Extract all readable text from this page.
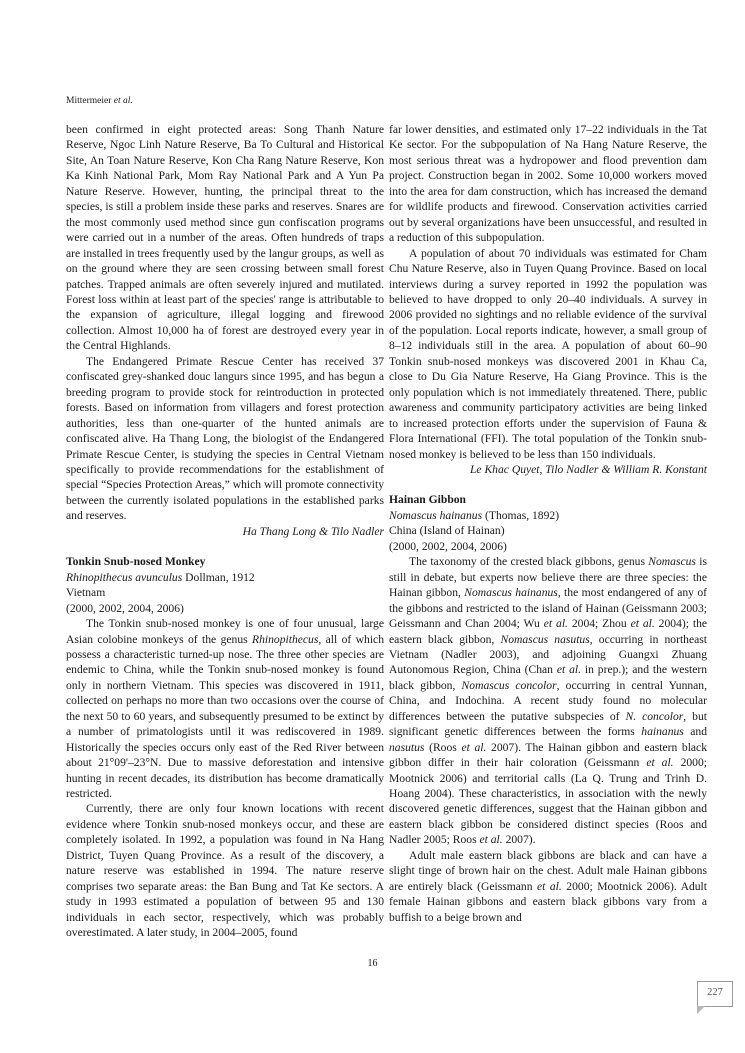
Mittermeier et al.

been confirmed in eight protected areas: Song Thanh Nature Reserve, Ngoc Linh Nature Reserve, Ba To Cultural and Historical Site, An Toan Nature Reserve, Kon Cha Rang Nature Reserve, Kon Ka Kinh National Park, Mom Ray National Park and A Yun Pa Nature Reserve. However, hunting, the principal threat to the species, is still a problem inside these parks and reserves. Snares are the most commonly used method since gun confiscation programs were carried out in a number of the areas. Often hundreds of traps are installed in trees frequently used by the langur groups, as well as on the ground where they are seen crossing between small forest patches. Trapped animals are often severely injured and mutilated. Forest loss within at least part of the species' range is attributable to the expansion of agriculture, illegal logging and firewood collection. Almost 10,000 ha of forest are destroyed every year in the Central Highlands.

The Endangered Primate Rescue Center has received 37 confiscated grey-shanked douc langurs since 1995, and has begun a breeding program to provide stock for reintroduction in protected forests. Based on information from villagers and forest protection authorities, less than one-quarter of the hunted animals are confiscated alive. Ha Thang Long, the biologist of the Endangered Primate Rescue Center, is studying the species in Central Vietnam specifically to provide recommendations for the establishment of special “Species Protection Areas,” which will promote connectivity between the currently isolated populations in the established parks and reserves.

Ha Thang Long & Tilo Nadler

Tonkin Snub-nosed Monkey

Rhinopithecus avunculus Dollman, 1912

Vietnam

(2000, 2002, 2004, 2006)

The Tonkin snub-nosed monkey is one of four unusual, large Asian colobine monkeys of the genus Rhinopithecus, all of which possess a characteristic turned-up nose. The three other species are endemic to China, while the Tonkin snub-nosed monkey is found only in northern Vietnam. This species was discovered in 1911, collected on perhaps no more than two occasions over the course of the next 50 to 60 years, and subsequently presumed to be extinct by a number of primatologists until it was rediscovered in 1989. Historically the species occurs only east of the Red River between about 21°09'–23°N. Due to massive deforestation and intensive hunting in recent decades, its distribution has become dramatically restricted.

Currently, there are only four known locations with recent evidence where Tonkin snub-nosed monkeys occur, and these are completely isolated. In 1992, a population was found in Na Hang District, Tuyen Quang Province. As a result of the discovery, a nature reserve was established in 1994. The nature reserve comprises two separate areas: the Ban Bung and Tat Ke sectors. A study in 1993 estimated a population of between 95 and 130 individuals in each sector, respectively, which was probably overestimated. A later study, in 2004–2005, found

far lower densities, and estimated only 17–22 individuals in the Tat Ke sector. For the subpopulation of Na Hang Nature Reserve, the most serious threat was a hydropower and flood prevention dam project. Construction began in 2002. Some 10,000 workers moved into the area for dam construction, which has increased the demand for wildlife products and firewood. Conservation activities carried out by several organizations have been unsuccessful, and resulted in a reduction of this subpopulation.

A population of about 70 individuals was estimated for Cham Chu Nature Reserve, also in Tuyen Quang Province. Based on local interviews during a survey reported in 1992 the population was believed to have dropped to only 20–40 individuals. A survey in 2006 provided no sightings and no reliable evidence of the survival of the population. Local reports indicate, however, a small group of 8–12 individuals still in the area. A population of about 60–90 Tonkin snub-nosed monkeys was discovered 2001 in Khau Ca, close to Du Gia Nature Reserve, Ha Giang Province. This is the only population which is not immediately threatened. There, public awareness and community participatory activities are being linked to increased protection efforts under the supervision of Fauna & Flora International (FFI). The total population of the Tonkin snub-nosed monkey is believed to be less than 150 individuals.

Le Khac Quyet, Tilo Nadler & William R. Konstant

Hainan Gibbon

Nomascus hainanus (Thomas, 1892)

China (Island of Hainan)

(2000, 2002, 2004, 2006)

The taxonomy of the crested black gibbons, genus Nomascus is still in debate, but experts now believe there are three species: the Hainan gibbon, Nomascus hainanus, the most endangered of any of the gibbons and restricted to the island of Hainan (Geissmann 2003; Geissmann and Chan 2004; Wu et al. 2004; Zhou et al. 2004); the eastern black gibbon, Nomascus nasutus, occurring in northeast Vietnam (Nadler 2003), and adjoining Guangxi Zhuang Autonomous Region, China (Chan et al. in prep.); and the western black gibbon, Nomascus concolor, occurring in central Yunnan, China, and Indochina. A recent study found no molecular differences between the putative subspecies of N. concolor, but significant genetic differences between the forms hainanus and nasutus (Roos et al. 2007). The Hainan gibbon and eastern black gibbon differ in their hair coloration (Geissmann et al. 2000; Mootnick 2006) and territorial calls (La Q. Trung and Trinh D. Hoang 2004). These characteristics, in association with the newly discovered genetic differences, suggest that the Hainan gibbon and eastern black gibbon be considered distinct species (Roos and Nadler 2005; Roos et al. 2007).

Adult male eastern black gibbons are black and can have a slight tinge of brown hair on the chest. Adult male Hainan gibbons are entirely black (Geissmann et al. 2000; Mootnick 2006). Adult female Hainan gibbons and eastern black gibbons vary from a buffish to a beige brown and

16
227
